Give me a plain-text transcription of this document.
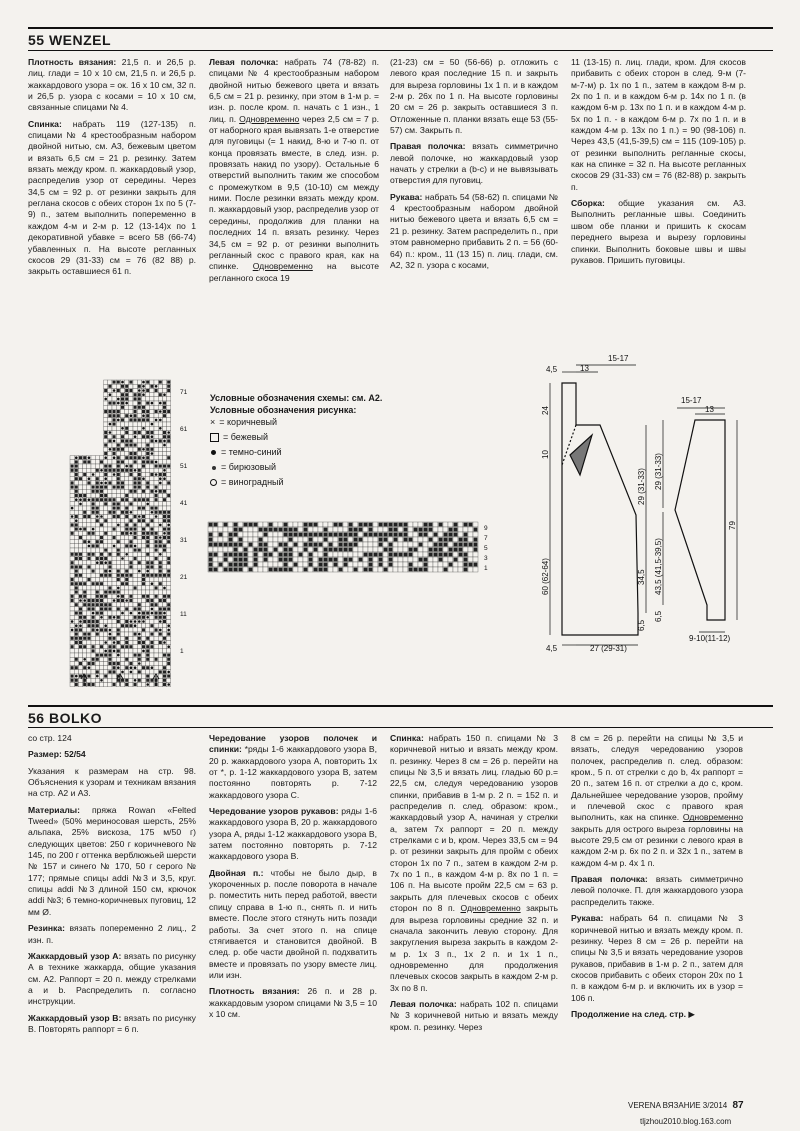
55 WENZEL

Плотность вязания: 21,5 п. и 26,5 р. лиц. глади = 10 x 10 см, 21,5 п. и 26,5 р. жаккардового узора = ок. 16 x 10 см, 32 п. и 26,5 р. узора с косами = 10 x 10 см, связанные спицами № 4.

Спинка: набрать 119 (127-135) п. спицами № 4 крестообразным набором двойной нитью, см. А3, бежевым цветом и вязать 6,5 см = 21 р. резинку. Затем вязать между кром. п. жаккардовый узор, распределив узор от середины. Через 34,5 см = 92 р. от резинки закрыть для реглана скосов с обеих сторон 1х по 5 (7-9) п., затем выполнить попеременно в каждом 4-м и 2-м р. 12 (13-14)х по 1 декоративной убавке = всего 58 (66-74) убавленных п. На высоте регланных скосов 29 (31-33) см = 76 (82 88) р. закрыть оставшиеся 61 п.

Левая полочка: набрать 74 (78-82) п. спицами № 4 крестообразным набором двойной нитью бежевого цвета и вязать 6,5 см = 21 р. резинку, при этом в 1-м р. = изн. р. после кром. п. начать с 1 изн., 1 лиц. п. Одновременно через 2,5 см = 7 р. от наборного края вывязать 1-е отверстие для пуговицы (= 1 накид, 8-ю и 7-ю п. от конца провязать вместе, в след. изн. р. провязать накид по узору). Остальные 6 отверстий выполнить таким же способом с промежутком в 9,5 (10-10) см между ними. После резинки вязать между кром. п. жаккардовый узор, распределив узор от середины, продолжив для планки на последних 14 п. вязать резинку. Через 34,5 см = 92 р. от резинки выполнить регланный скос с правого края, как на спинке. Одновременно на высоте регланного скоса 19

(21-23) см = 50 (56-66) р. отложить с левого края последние 15 п. и закрыть для выреза горловины 1х 1 п. и в каждом 2-м р. 26х по 1 п. На высоте горловины 20 см = 26 р. закрыть оставшиеся 3 п. Отложенные п. планки вязать еще 53 (55-57) см. Закрыть п.

Правая полочка: вязать симметрично левой полочке, но жаккардовый узор начать у стрелки а (b-c) и не вывязывать отверстия для пуговиц.

Рукава: набрать 54 (58-62) п. спицами № 4 крестообразным набором двойной нитью бежевого цвета и вязать 6,5 см = 21 р. резинку. Затем распределить п., при этом равномерно прибавить 2 п. = 56 (60-64) п.: кром., 11 (13 15) п. лиц. глади, см. А2, 32 п. узора с косами,

11 (13-15) п. лиц. глади, кром. Для скосов прибавить с обеих сторон в след. 9-м (7-м-7-м) р. 1х по 1 п., затем в каждом 8-м р. 2х по 1 п. и в каждом 6-м р. 14х по 1 п. (в каждом 6-м р. 13х по 1 п. и в каждом 4-м р. 5х по 1 п. - в каждом 6-м р. 7х по 1 п. и в каждом 4-м р. 13х по 1 п.) = 90 (98-106) п. Через 43,5 (41,5-39,5) см = 115 (109-105) р. от резинки выполнить регланные скосы, как на спинке = 32 п. На высоте регланных скосов 29 (31-33) см = 76 (82-88) р. закрыть п.

Сборка: общие указания см. А3. Выполнить регланные швы. Соединить швом обе планки и пришить к скосам переднего выреза и вырезу горловины спинки. Выполнить боковые швы и швы рукавов. Пришить пуговицы.

71
61
51
41
31
21
11
1
Условные обозначения схемы: см. А2.
Условные обозначения рисунка:
× = коричневый
= бежевый
= темно-синий
= бирюзовый
= виноградный
9
7
5
3
1
4,5
15-17
13
24
10
29 (31-33)
34,5
60 (62-64)
6,5
4,5	27 (29-31)
15-17
13
29 (31-33)
43,5 (41,5-39,5)
79
6,5
9-10(11-12)
56 BOLKO

со стр. 124

Размер: 52/54

Указания к размерам на стр. 98. Объяснения к узорам и техникам вязания на стр. А2 и А3.

Материалы: пряжа Rowan «Felted Tweed» (50% мериносовая шерсть, 25% альпака, 25% вискоза, 175 м/50 г) следующих цветов: 250 г коричневого № 145, по 200 г оттенка верблюжьей шерсти № 157 и синего № 170, 50 г серого № 177; прямые спицы addi №3 и 3,5, круг. спицы addi №3 длиной 150 см, крючок addi №3; 6 темно-коричневых пуговиц, 12 мм Ø.

Резинка: вязать попеременно 2 лиц., 2 изн. п.

Жаккардовый узор А: вязать по рисунку А в технике жаккарда, общие указания см. А2. Раппорт = 20 п. между стрелками а и b. Распределить п. согласно инструкции.

Жаккардовый узор В: вязать по рисунку В. Повторять раппорт = 6 п.

Чередование узоров полочек и спинки: *ряды 1-6 жаккардового узора В, 20 р. жаккардового узора А, повторить 1х от *, р. 1-12 жаккардового узора В, затем постоянно повторять р. 7-12 жаккардового узора С.

Чередование узоров рукавов: ряды 1-6 жаккардового узора В, 20 р. жаккардового узора А, ряды 1-12 жаккардового узора В, затем постоянно повторять р. 7-12 жаккардового узора В.

Двойная п.: чтобы не было дыр, в укороченных р. после поворота в начале р. поместить нить перед работой, ввести спицу справа в 1-ю п., снять п. и нить вместе. После этого стянуть нить позади работы. За счет этого п. на спице стягивается и становится двойной. В след. р. обе части двойной п. подхватить вместе и провязать по узору вместе лиц. или изн.

Плотность вязания: 26 п. и 28 р. жаккардовым узором спицами № 3,5 = 10 x 10 см.

Спинка: набрать 150 п. спицами № 3 коричневой нитью и вязать между кром. п. резинку. Через 8 см = 26 р. перейти на спицы № 3,5 и вязать лиц. гладью 60 р.= 22,5 см, следуя чередованию узоров спинки, прибавив в 1-м р. 2 п. = 152 п. и распределив п. след. образом: кром., жаккардовый узор А, начиная у стрелки а, затем 7х раппорт = 20 п. между стрелками с и b, кром. Через 33,5 см = 94 р. от резинки закрыть для пройм с обеих сторон 1х по 7 п., затем в каждом 2-м р. 7х по 1 п., в каждом 4-м р. 8х по 1 п. = 106 п. На высоте пройм 22,5 см = 63 р. закрыть для плечевых скосов с обеих сторон по 8 п. Одновременно закрыть для выреза горловины средние 32 п. и сначала закончить левую сторону. Для закругления выреза закрыть в каждом 2-м р. 1х 3 п., 1х 2 п. и 1х 1 п., одновременно для продолжения плечевых скосов закрыть в каждом 2-м р. 3х по 8 п.

Левая полочка: набрать 102 п. спицами № 3 коричневой нитью и вязать между кром. п. резинку. Через

8 см = 26 р. перейти на спицы № 3,5 и вязать, следуя чередованию узоров полочек, распределив п. след. образом: кром., 5 п. от стрелки с до b, 4х раппорт = 20 п., затем 16 п. от стрелки а до с, кром. Дальнейшее чередование узоров, пройму и плечевой скос с правого края выполнить, как на спинке. Одновременно закрыть для острого выреза горловины на высоте 29,5 см от резинки с левого края в каждом 2-м р. 6х по 2 п. и 32х 1 п., затем в каждом 4-м р. 4х 1 п.

Правая полочка: вязать симметрично левой полочке. П. для жаккардового узора распределить также.

Рукава: набрать 64 п. спицами № 3 коричневой нитью и вязать между кром. п. резинку. Через 8 см = 26 р. перейти на спицы № 3,5 и вязать чередование узоров рукавов, прибавив в 1-м р. 2 п., затем для скосов прибавить с обеих сторон 20х по 1 п. в каждом 6-м р. и включить их в узор = 106 п.

Продолжение на след. стр. ▶

VERENA ВЯЗАНИЕ 3/2014 87
tljzhou2010.blog.163.com
